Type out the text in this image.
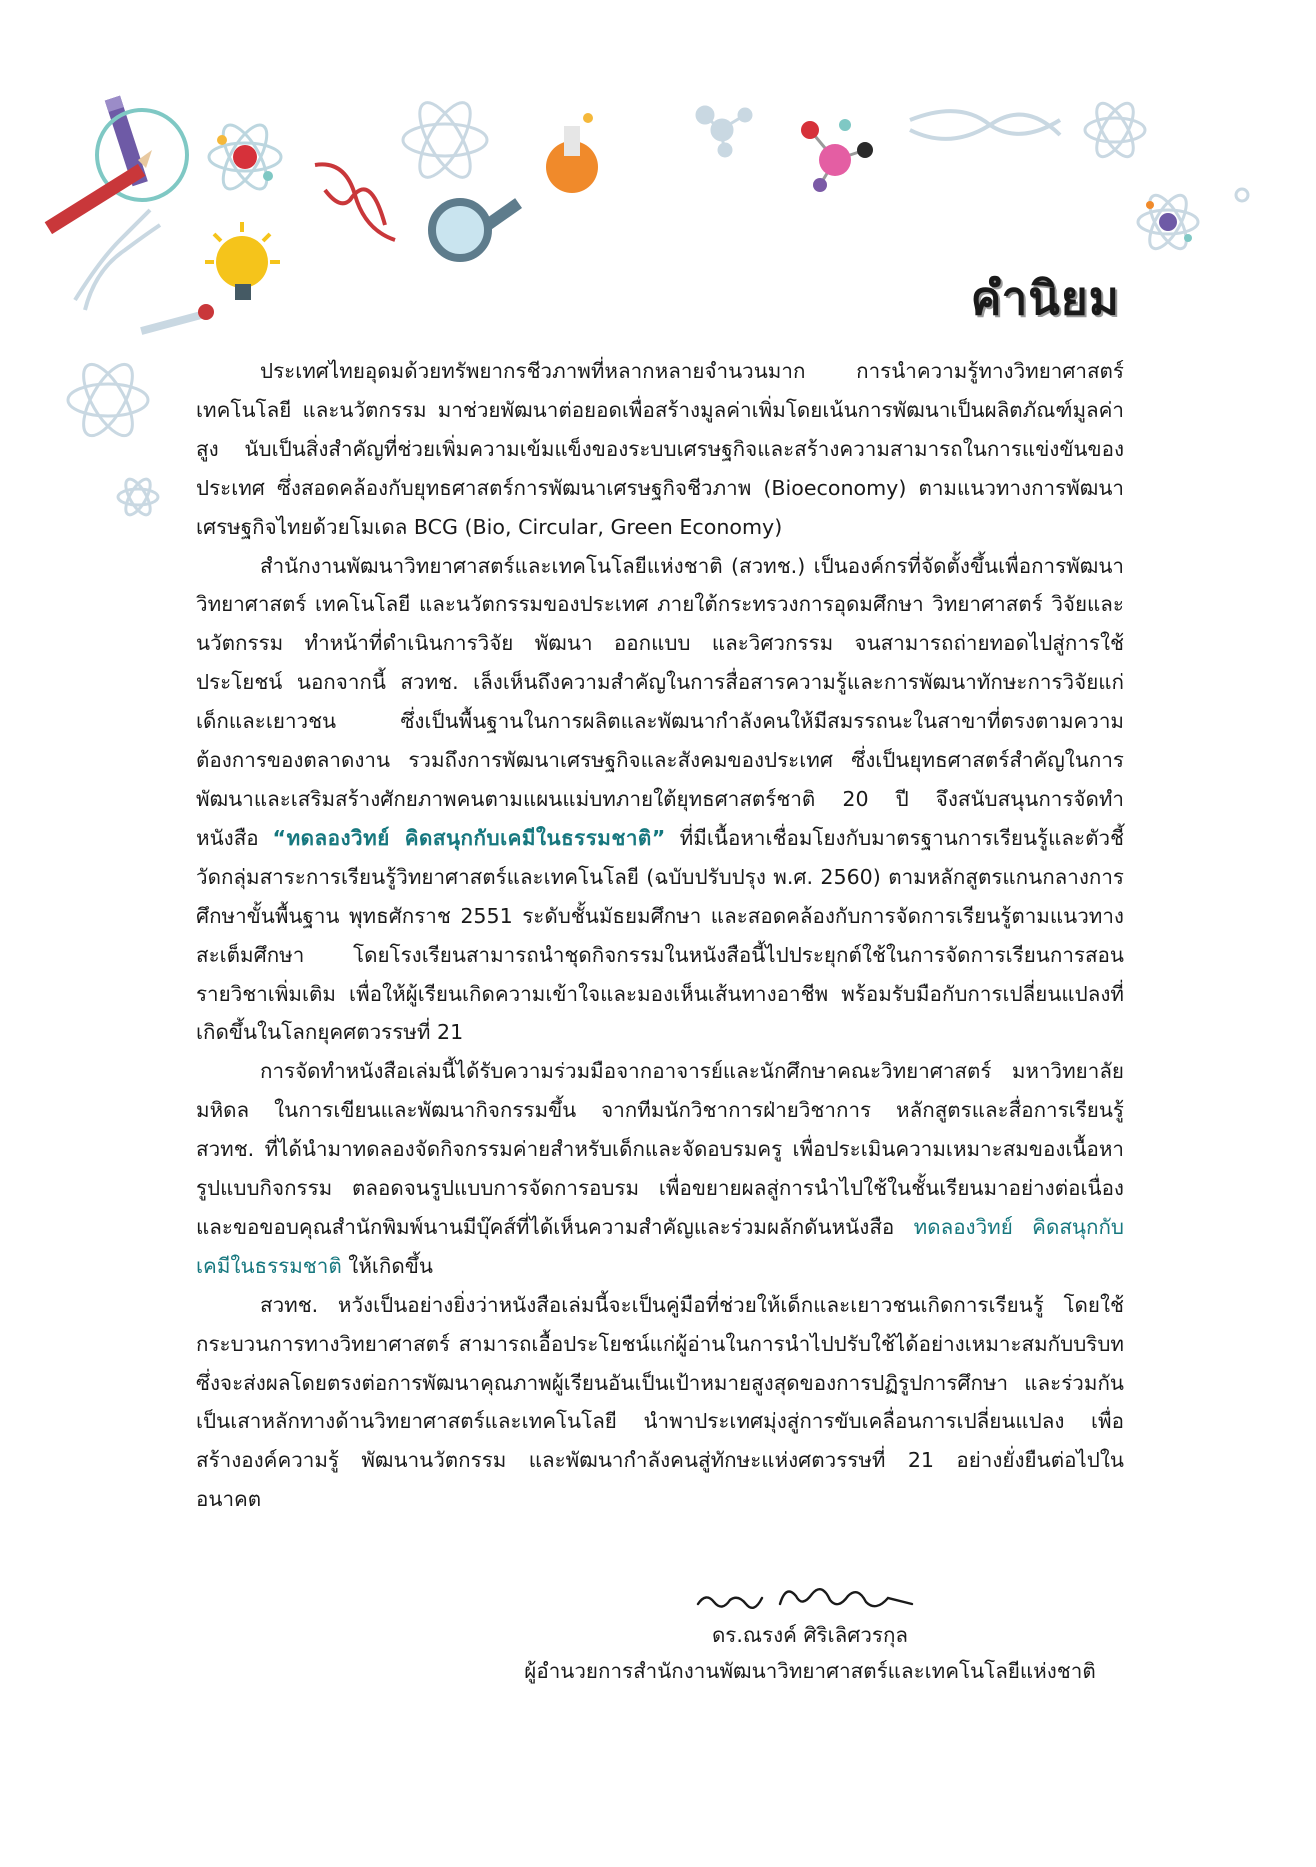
คำนิยม

ประเทศไทยอุดมด้วยทรัพยากรชีวภาพที่หลากหลายจำนวนมาก การนำความรู้ทางวิทยาศาสตร์ เทคโนโลยี และนวัตกรรม มาช่วยพัฒนาต่อยอดเพื่อสร้างมูลค่าเพิ่มโดยเน้นการพัฒนาเป็นผลิตภัณฑ์มูลค่าสูง นับเป็นสิ่งสำคัญที่ช่วยเพิ่มความเข้มแข็งของระบบเศรษฐกิจและสร้างความสามารถในการแข่งขันของประเทศ ซึ่งสอดคล้องกับยุทธศาสตร์การพัฒนาเศรษฐกิจชีวภาพ (Bioeconomy) ตามแนวทางการพัฒนาเศรษฐกิจไทยด้วยโมเดล BCG (Bio, Circular, Green Economy)

สำนักงานพัฒนาวิทยาศาสตร์และเทคโนโลยีแห่งชาติ (สวทช.) เป็นองค์กรที่จัดตั้งขึ้นเพื่อการพัฒนาวิทยาศาสตร์ เทคโนโลยี และนวัตกรรมของประเทศ ภายใต้กระทรวงการอุดมศึกษา วิทยาศาสตร์ วิจัยและนวัตกรรม ทำหน้าที่ดำเนินการวิจัย พัฒนา ออกแบบ และวิศวกรรม จนสามารถถ่ายทอดไปสู่การใช้ประโยชน์ นอกจากนี้ สวทช. เล็งเห็นถึงความสำคัญในการสื่อสารความรู้และการพัฒนาทักษะการวิจัยแก่เด็กและเยาวชน ซึ่งเป็นพื้นฐานในการผลิตและพัฒนากำลังคนให้มีสมรรถนะในสาขาที่ตรงตามความต้องการของตลาดงาน รวมถึงการพัฒนาเศรษฐกิจและสังคมของประเทศ ซึ่งเป็นยุทธศาสตร์สำคัญในการพัฒนาและเสริมสร้างศักยภาพคนตามแผนแม่บทภายใต้ยุทธศาสตร์ชาติ 20 ปี จึงสนับสนุนการจัดทำหนังสือ “ทดลองวิทย์ คิดสนุกกับเคมีในธรรมชาติ” ที่มีเนื้อหาเชื่อมโยงกับมาตรฐานการเรียนรู้และตัวชี้วัดกลุ่มสาระการเรียนรู้วิทยาศาสตร์และเทคโนโลยี (ฉบับปรับปรุง พ.ศ. 2560) ตามหลักสูตรแกนกลางการศึกษาขั้นพื้นฐาน พุทธศักราช 2551 ระดับชั้นมัธยมศึกษา และสอดคล้องกับการจัดการเรียนรู้ตามแนวทางสะเต็มศึกษา โดยโรงเรียนสามารถนำชุดกิจกรรมในหนังสือนี้ไปประยุกต์ใช้ในการจัดการเรียนการสอนรายวิชาเพิ่มเติม เพื่อให้ผู้เรียนเกิดความเข้าใจและมองเห็นเส้นทางอาชีพ พร้อมรับมือกับการเปลี่ยนแปลงที่เกิดขึ้นในโลกยุคศตวรรษที่ 21

การจัดทำหนังสือเล่มนี้ได้รับความร่วมมือจากอาจารย์และนักศึกษาคณะวิทยาศาสตร์ มหาวิทยาลัยมหิดล ในการเขียนและพัฒนากิจกรรมขึ้น จากทีมนักวิชาการฝ่ายวิชาการ หลักสูตรและสื่อการเรียนรู้ สวทช. ที่ได้นำมาทดลองจัดกิจกรรมค่ายสำหรับเด็กและจัดอบรมครู เพื่อประเมินความเหมาะสมของเนื้อหา รูปแบบกิจกรรม ตลอดจนรูปแบบการจัดการอบรม เพื่อขยายผลสู่การนำไปใช้ในชั้นเรียนมาอย่างต่อเนื่อง และขอขอบคุณสำนักพิมพ์นานมีบุ๊คส์ที่ได้เห็นความสำคัญและร่วมผลักดันหนังสือ ทดลองวิทย์ คิดสนุกกับเคมีในธรรมชาติ ให้เกิดขึ้น

สวทช. หวังเป็นอย่างยิ่งว่าหนังสือเล่มนี้จะเป็นคู่มือที่ช่วยให้เด็กและเยาวชนเกิดการเรียนรู้ โดยใช้กระบวนการทางวิทยาศาสตร์ สามารถเอื้อประโยชน์แก่ผู้อ่านในการนำไปปรับใช้ได้อย่างเหมาะสมกับบริบท ซึ่งจะส่งผลโดยตรงต่อการพัฒนาคุณภาพผู้เรียนอันเป็นเป้าหมายสูงสุดของการปฏิรูปการศึกษา และร่วมกันเป็นเสาหลักทางด้านวิทยาศาสตร์และเทคโนโลยี นำพาประเทศมุ่งสู่การขับเคลื่อนการเปลี่ยนแปลง เพื่อสร้างองค์ความรู้ พัฒนานวัตกรรม และพัฒนากำลังคนสู่ทักษะแห่งศตวรรษที่ 21 อย่างยั่งยืนต่อไปในอนาคต

ดร.ณรงค์ ศิริเลิศวรกุล
ผู้อำนวยการสำนักงานพัฒนาวิทยาศาสตร์และเทคโนโลยีแห่งชาติ
